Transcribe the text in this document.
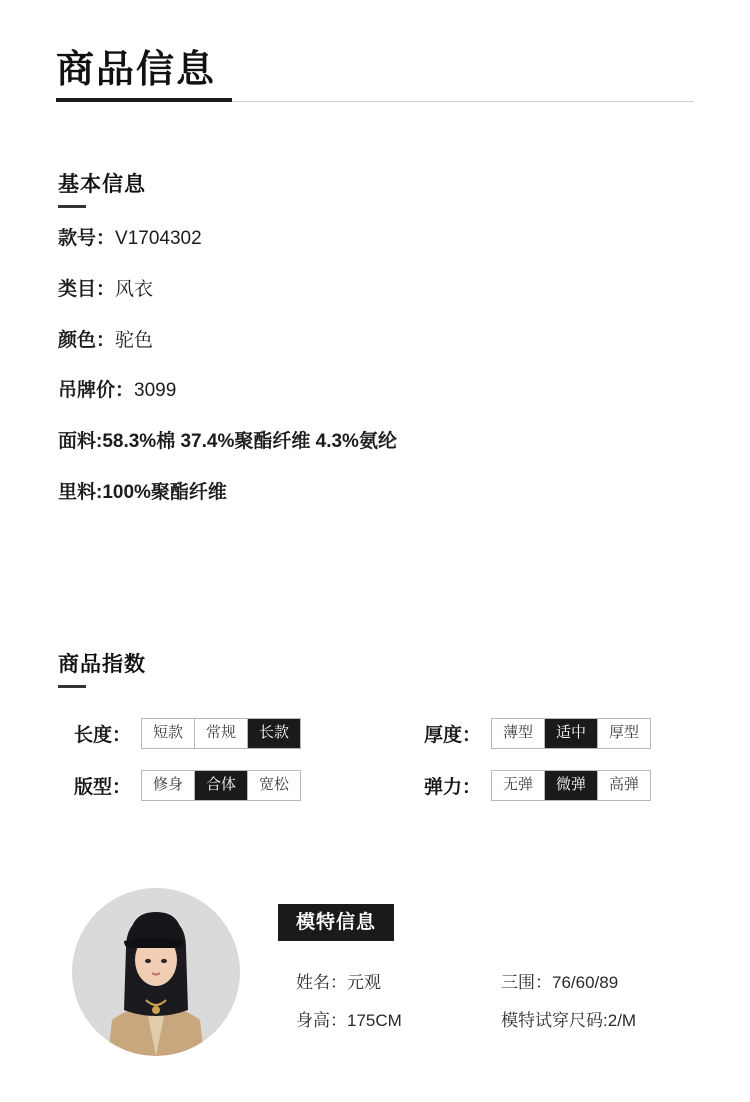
商品信息
基本信息
款号：V1704302
类目：风衣
颜色：驼色
吊牌价：3099
面料:58.3%棉 37.4%聚酯纤维 4.3%氨纶
里料:100%聚酯纤维
商品指数
长度：	短款	常规	长款	厚度：	薄型	适中	厚型
版型：	修身	合体	宽松	弹力：	无弹	微弹	高弹
模特信息
姓名：元观	三围：76/60/89
身高：175CM	模特试穿尺码:2/M
